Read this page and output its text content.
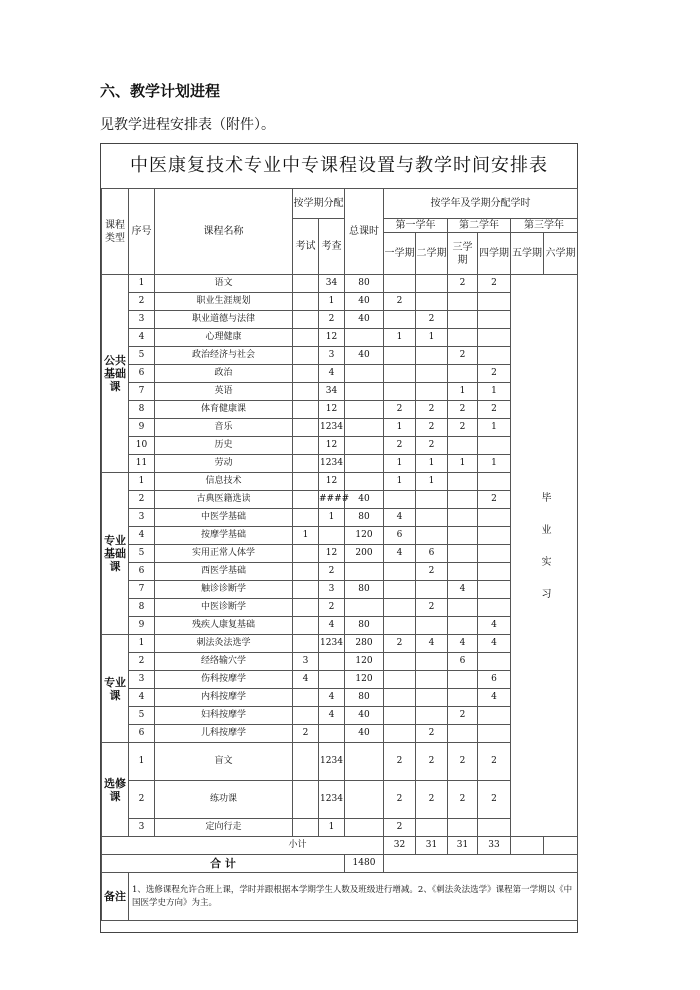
六、教学计划进程
见教学进程安排表（附件）。
中医康复技术专业中专课程设置与教学时间安排表
课程类型	序号	课程名称	按学期分配		总课时	按学年及学期分配学时					
			考试	考查		第一学年		第二学年		第三学年	
						一学期	二学期	三学期	四学期	五学期	六学期
公共基础课	1	语文		34	80			2	2	毕业实习	
	2	职业生涯规划		1	40	2					
	3	职业道德与法律		2	40		2				
	4	心理健康		12		1	1				
	5	政治经济与社会		3	40			2			
	6	政治		4					2		
	7	英语		34				1	1		
	8	体育健康课		12		2	2	2	2		
	9	音乐		1234		1	2	2	1		
	10	历史		12		2	2				
	11	劳动		1234		1	1	1	1		
专业基础课	1	信息技术		12		1	1				
	2	古典医籍选读		####	40				2		
	3	中医学基础		1	80	4					
	4	按摩学基础	1		120	6					
	5	实用正常人体学		12	200	4	6				
	6	西医学基础		2			2				
	7	触诊诊断学		3	80			4			
	8	中医诊断学		2			2				
	9	残疾人康复基础		4	80				4		
专业课	1	刺法灸法选学		1234	280	2	4	4	4		
	2	经络输穴学	3		120			6			
	3	伤科按摩学	4		120				6		
	4	内科按摩学		4	80				4		
	5	妇科按摩学		4	40			2			
	6	儿科按摩学	2		40		2				
选修课	1	盲文		1234		2	2	2	2		
	2	练功课		1234		2	2	2	2		
	3	定向行走		1		2					
小计						32	31	31	33		
合 计					1480						
备注	1、选修课程允许合班上课，学时并跟根据本学期学生人数及班级进行增减。2、《刺法灸法选学》课程第一学期以《中国医学史方向》为主。										
